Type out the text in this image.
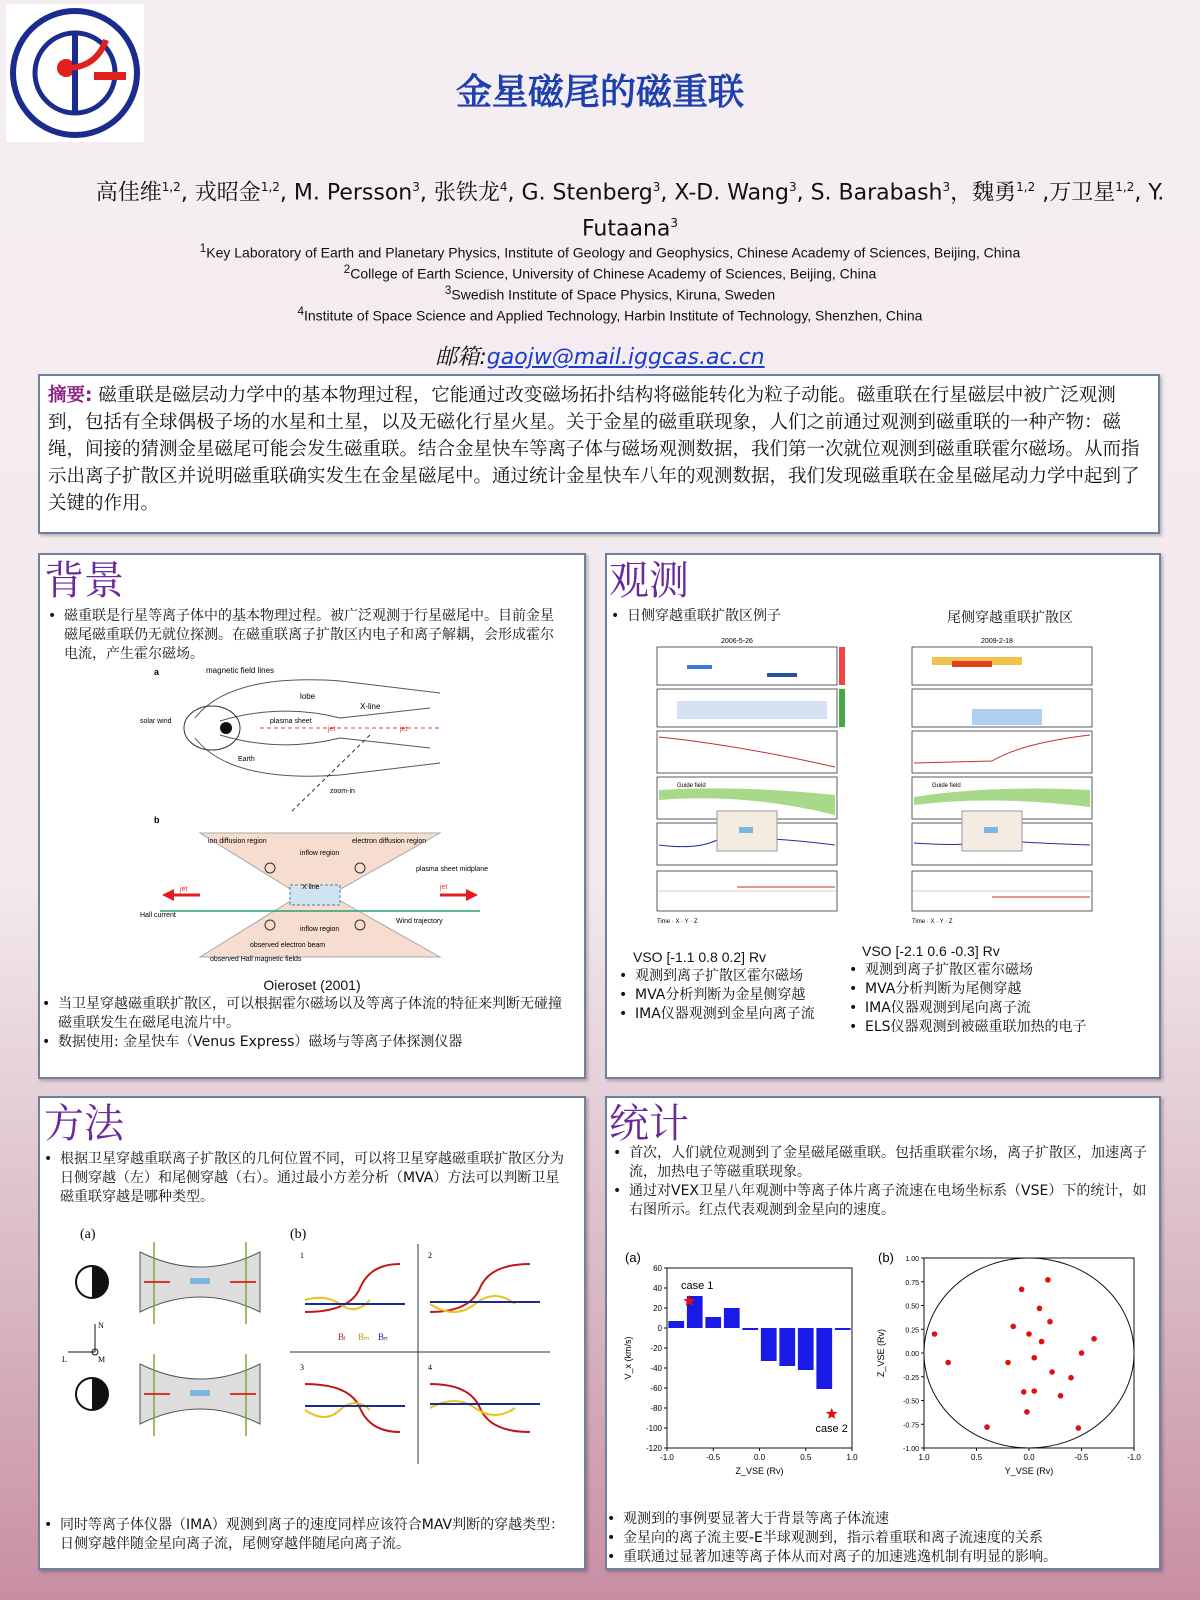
金星磁尾的磁重联
高佳维$^{1,2}$, 戎昭金$^{1,2}$, M. Persson$^3$, 张铁龙$^4$, G. Stenberg$^3$, X-D. Wang$^3$, S. Barabash$^3$，魏勇$^{1,2}$ ,万卫星$^{1,2}$, Y. Futaana$^3$
$^1$Key Laboratory of Earth and Planetary Physics, Institute of Geology and Geophysics, Chinese Academy of Sciences, Beijing, China
$^2$College of Earth Science, University of Chinese Academy of Sciences, Beijing, China
$^3$Swedish Institute of Space Physics, Kiruna, Sweden
$^4$Institute of Space Science and Applied Technology, Harbin Institute of Technology, Shenzhen, China
邮箱:gaojw@mail.iggcas.ac.cn
摘要: 磁重联是磁层动力学中的基本物理过程，它能通过改变磁场拓扑结构将磁能转化为粒子动能。磁重联在行星磁层中被广泛观测到，包括有全球偶极子场的水星和土星，以及无磁化行星火星。关于金星的磁重联现象，人们之前通过观测到磁重联的一种产物：磁绳，间接的猜测金星磁尾可能会发生磁重联。结合金星快车等离子体与磁场观测数据，我们第一次就位观测到磁重联霍尔磁场。从而指示出离子扩散区并说明磁重联确实发生在金星磁尾中。通过统计金星快车八年的观测数据，我们发现磁重联在金星磁尾动力学中起到了关键的作用。
背景
• 磁重联是行星等离子体中的基本物理过程。被广泛观测于行星磁尾中。目前金星磁尾磁重联仍无就位探测。在磁重联离子扩散区内电子和离子解耦，会形成霍尔电流，产生霍尔磁场。
a	magnetic field lines
lobe
X-line
solar wind	plasma sheet
jet	jet
Earth
zoom-in
b
ion diffusion region	electron diffusion region
inflow region
X line
plasma sheet midplane
Hall current
Wind trajectory
inflow region
jet	jet
observed electron beam
observed Hall magnetic fields
Oieroset (2001)
• 当卫星穿越磁重联扩散区，可以根据霍尔磁场以及等离子体流的特征来判断无碰撞磁重联发生在磁尾电流片中。
• 数据使用: 金星快车（Venus Express）磁场与等离子体探测仪器
观测
• 日侧穿越重联扩散区例子	尾侧穿越重联扩散区
2006-5-26
Guide field
Time · X · Y · Z
2009-2-18
Guide field
Time · X · Y · Z
VSO [-1.1 0.8 0.2] Rv	VSO [-2.1 0.6 -0.3] Rv
• 观测到离子扩散区霍尔磁场
• MVA分析判断为金星侧穿越
• IMA仪器观测到金星向离子流
• 观测到离子扩散区霍尔磁场
• MVA分析判断为尾侧穿越
• IMA仪器观测到尾向离子流
• ELS仪器观测到被磁重联加热的电子
方法
• 根据卫星穿越重联离子扩散区的几何位置不同，可以将卫星穿越磁重联扩散区分为日侧穿越（左）和尾侧穿越（右）。通过最小方差分析（MVA）方法可以判断卫星磁重联穿越是哪种类型。
(a)	(b)
N
L	M
1	2
3	4
Bₗ Bₘ Bₙ
• 同时等离子体仪器（IMA）观测到离子的速度同样应该符合MAV判断的穿越类型：日侧穿越伴随金星向离子流，尾侧穿越伴随尾向离子流。
统计
• 首次，人们就位观测到了金星磁尾磁重联。包括重联霍尔场，离子扩散区，加速离子流，加热电子等磁重联现象。
• 通过对VEX卫星八年观测中等离子体片离子流速在电场坐标系（VSE）下的统计，如右图所示。红点代表观测到金星向的速度。
60
40
20
0
-20
-40
-60
-80
-100
-120
-1.0	-0.5	0.0	0.5	1.0
(a)
Z_VSE (Rv)
V_x (km/s)
case 1
case 2
1.00
0.75
0.50
0.25
0.00
-0.25
-0.50
-0.75
-1.00
1.0	0.5	0.0	-0.5	-1.0
(b)
Y_VSE (Rv)
Z_VSE (Rv)
• 观测到的事例要显著大于背景等离子体流速
• 金星向的离子流主要-E半球观测到，指示着重联和离子流速度的关系
• 重联通过显著加速等离子体从而对离子的加速逃逸机制有明显的影响。
